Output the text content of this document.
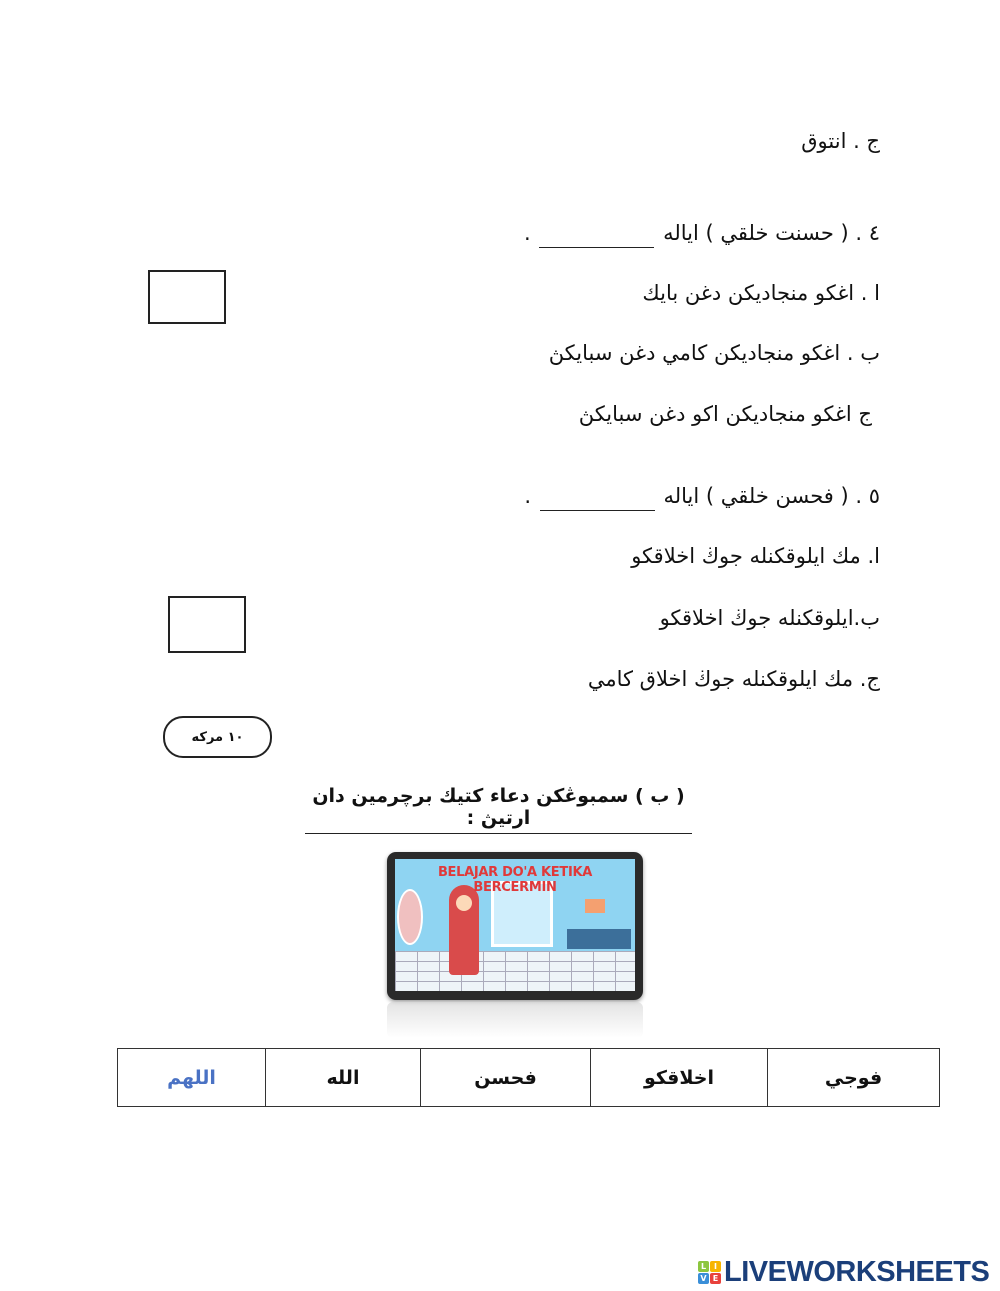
ج . انتوق
٤ . ( حسنت خلقي ) اياله  .
ا . اغكو منجاديكن دغن بايك
ب . اغكو منجاديكن كامي دغن سبايكڽ
ج اغكو منجاديكن اكو دغن سبايكڽ
٥ . ( فحسن خلقي ) اياله  .
ا. مك ايلوقكنله جوڬ اخلاقكو
ب.ايلوقكنله جوڬ اخلاقكو
ج. مك ايلوقكنله جوڬ اخلاق كامي
١٠ مركه
( ب ) سمبوڠكن دعاء كتيك برچرمين دان ارتيڽ :
BELAJAR DO'A KETIKA BERCERMIN
اللهم	الله	فحسن	اخلاقكو	فوجي
L I
V E LIVEWORKSHEETS
